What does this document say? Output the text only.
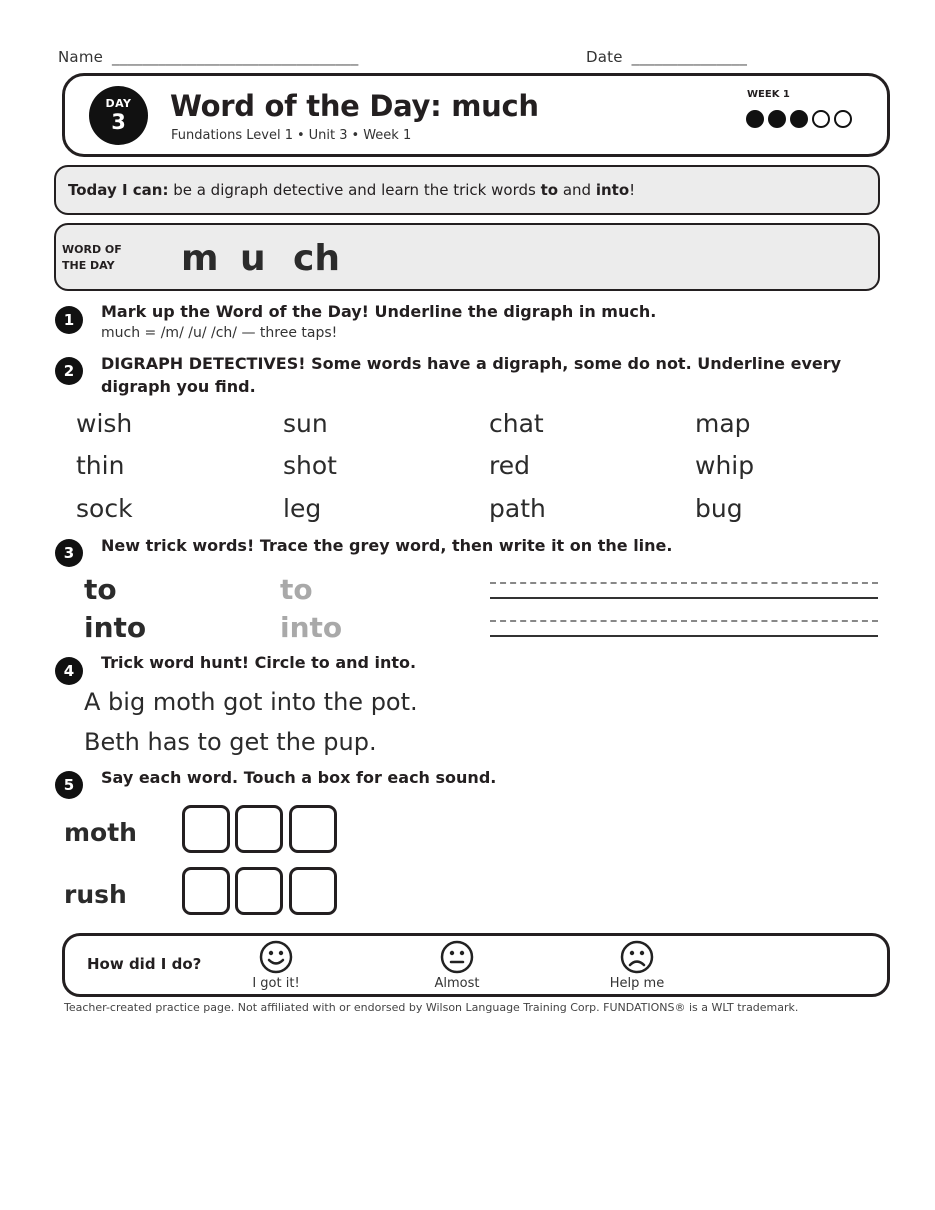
Name ________________________________	Date _______________
DAY
3	Word of the Day: much
Fundations Level 1 • Unit 3 • Week 1
WEEK 1
Today I can: be a digraph detective and learn the trick words to and into!
WORD OF
THE DAY	m u ch
1	Mark up the Word of the Day! Underline the digraph in much.
much = /m/ /u/ /ch/ — three taps!
2	DIGRAPH DETECTIVES! Some words have a digraph, some do not. Underline every digraph you find.
wish	sun	chat	map
thin	shot	red	whip
sock	leg	path	bug
3	New trick words! Trace the grey word, then write it on the line.
to	to
into	into
4	Trick word hunt! Circle to and into.
A big moth got into the pot.
Beth has to get the pup.
5	Say each word. Touch a box for each sound.
moth
rush
How did I do?
I got it!	Almost	Help me
Teacher-created practice page. Not affiliated with or endorsed by Wilson Language Training Corp. FUNDATIONS® is a WLT trademark.
